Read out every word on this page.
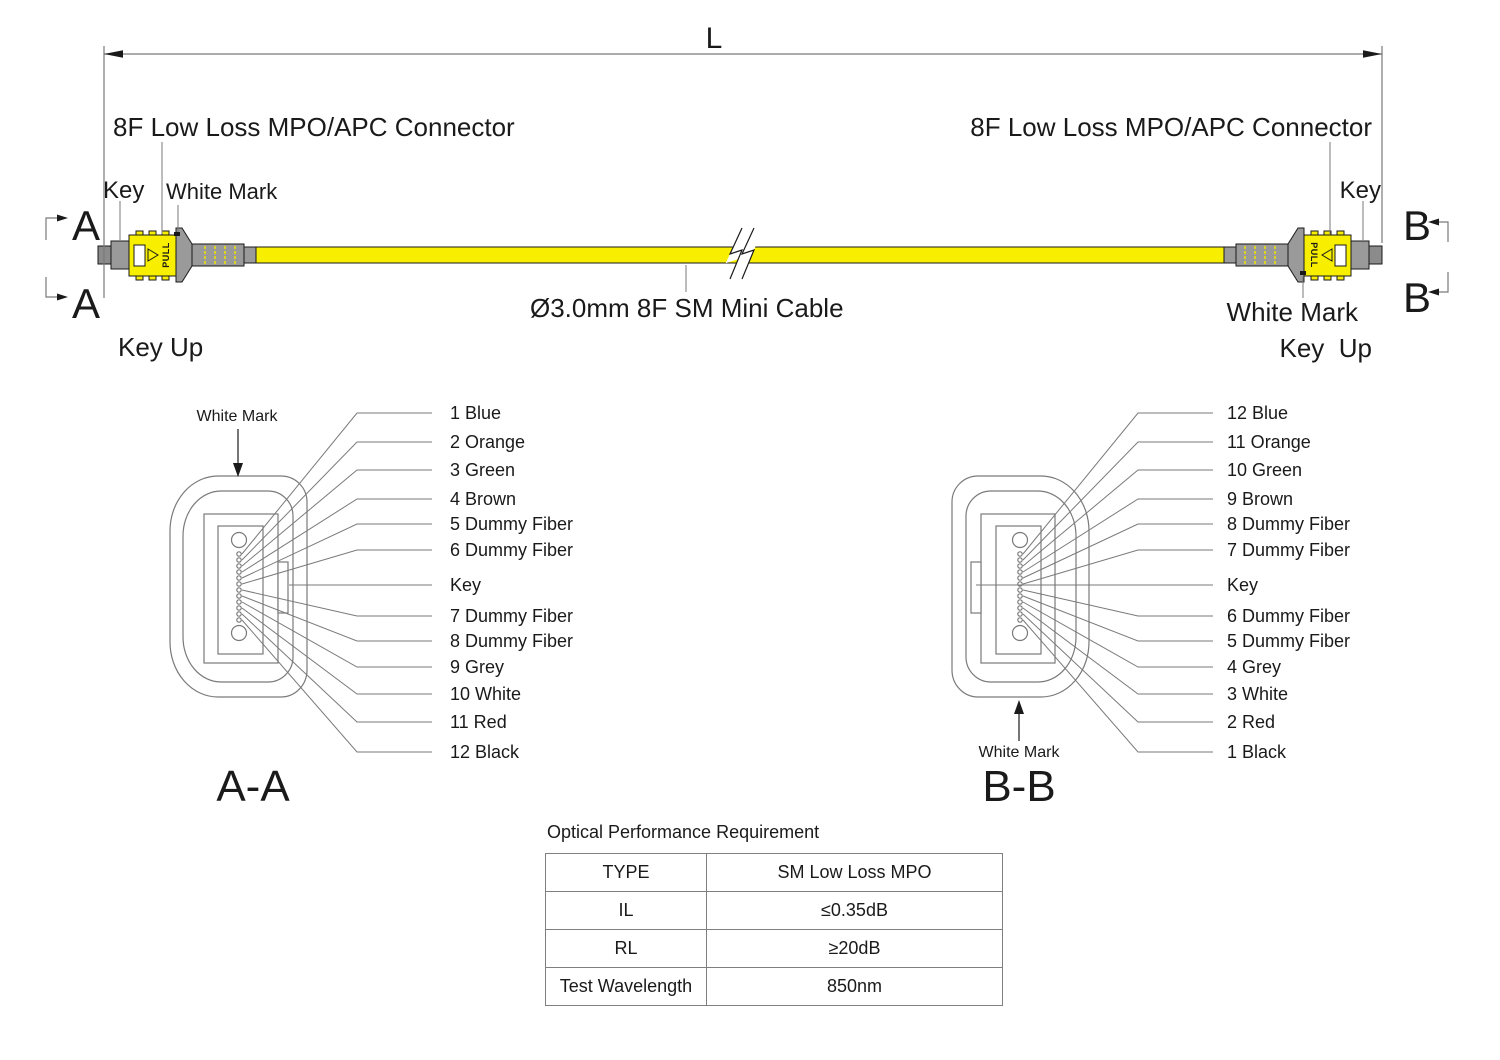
PULL	PULL
L
A
A
B
B
8F Low Loss MPO/APC Connector	8F Low Loss MPO/APC Connector
Key White Mark	Key
White Mark
Key Up	Key  Up
Ø3.0mm 8F SM Mini Cable
1 Blue
2 Orange
3 Green
4 Brown
5 Dummy Fiber
6 Dummy Fiber
Key
7 Dummy Fiber
8 Dummy Fiber
9 Grey
10 White
11 Red
12 Black
White Mark
A-A
12 Blue
11 Orange
10 Green
9 Brown
8 Dummy Fiber
7 Dummy Fiber
Key
6 Dummy Fiber
5 Dummy Fiber
4 Grey
3 White
2 Red
1 Black
White Mark
B-B
Optical Performance Requirement
TYPE	SM Low Loss MPO
IL	≤0.35dB
RL	≥20dB
Test Wavelength	850nm
